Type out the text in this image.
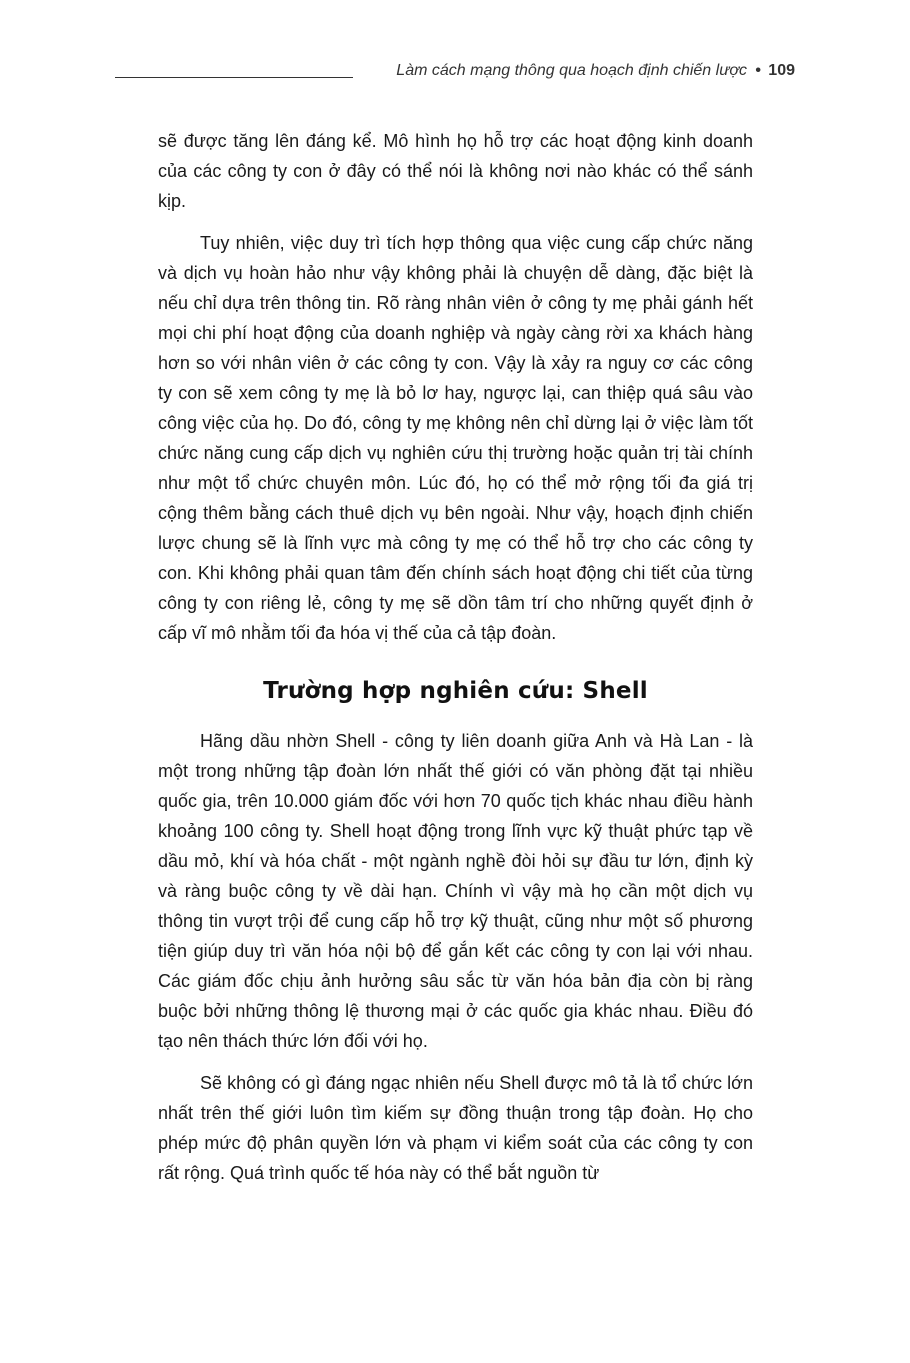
Làm cách mạng thông qua hoạch định chiến lược • 109

sẽ được tăng lên đáng kể. Mô hình họ hỗ trợ các hoạt động kinh doanh của các công ty con ở đây có thể nói là không nơi nào khác có thể sánh kịp.

Tuy nhiên, việc duy trì tích hợp thông qua việc cung cấp chức năng và dịch vụ hoàn hảo như vậy không phải là chuyện dễ dàng, đặc biệt là nếu chỉ dựa trên thông tin. Rõ ràng nhân viên ở công ty mẹ phải gánh hết mọi chi phí hoạt động của doanh nghiệp và ngày càng rời xa khách hàng hơn so với nhân viên ở các công ty con. Vậy là xảy ra nguy cơ các công ty con sẽ xem công ty mẹ là bỏ lơ hay, ngược lại, can thiệp quá sâu vào công việc của họ. Do đó, công ty mẹ không nên chỉ dừng lại ở việc làm tốt chức năng cung cấp dịch vụ nghiên cứu thị trường hoặc quản trị tài chính như một tổ chức chuyên môn. Lúc đó, họ có thể mở rộng tối đa giá trị cộng thêm bằng cách thuê dịch vụ bên ngoài. Như vậy, hoạch định chiến lược chung sẽ là lĩnh vực mà công ty mẹ có thể hỗ trợ cho các công ty con. Khi không phải quan tâm đến chính sách hoạt động chi tiết của từng công ty con riêng lẻ, công ty mẹ sẽ dồn tâm trí cho những quyết định ở cấp vĩ mô nhằm tối đa hóa vị thế của cả tập đoàn.

Trường hợp nghiên cứu: Shell

Hãng dầu nhờn Shell - công ty liên doanh giữa Anh và Hà Lan - là một trong những tập đoàn lớn nhất thế giới có văn phòng đặt tại nhiều quốc gia, trên 10.000 giám đốc với hơn 70 quốc tịch khác nhau điều hành khoảng 100 công ty. Shell hoạt động trong lĩnh vực kỹ thuật phức tạp về dầu mỏ, khí và hóa chất - một ngành nghề đòi hỏi sự đầu tư lớn, định kỳ và ràng buộc công ty về dài hạn. Chính vì vậy mà họ cần một dịch vụ thông tin vượt trội để cung cấp hỗ trợ kỹ thuật, cũng như một số phương tiện giúp duy trì văn hóa nội bộ để gắn kết các công ty con lại với nhau. Các giám đốc chịu ảnh hưởng sâu sắc từ văn hóa bản địa còn bị ràng buộc bởi những thông lệ thương mại ở các quốc gia khác nhau. Điều đó tạo nên thách thức lớn đối với họ.

Sẽ không có gì đáng ngạc nhiên nếu Shell được mô tả là tổ chức lớn nhất trên thế giới luôn tìm kiếm sự đồng thuận trong tập đoàn. Họ cho phép mức độ phân quyền lớn và phạm vi kiểm soát của các công ty con rất rộng. Quá trình quốc tế hóa này có thể bắt nguồn từ
